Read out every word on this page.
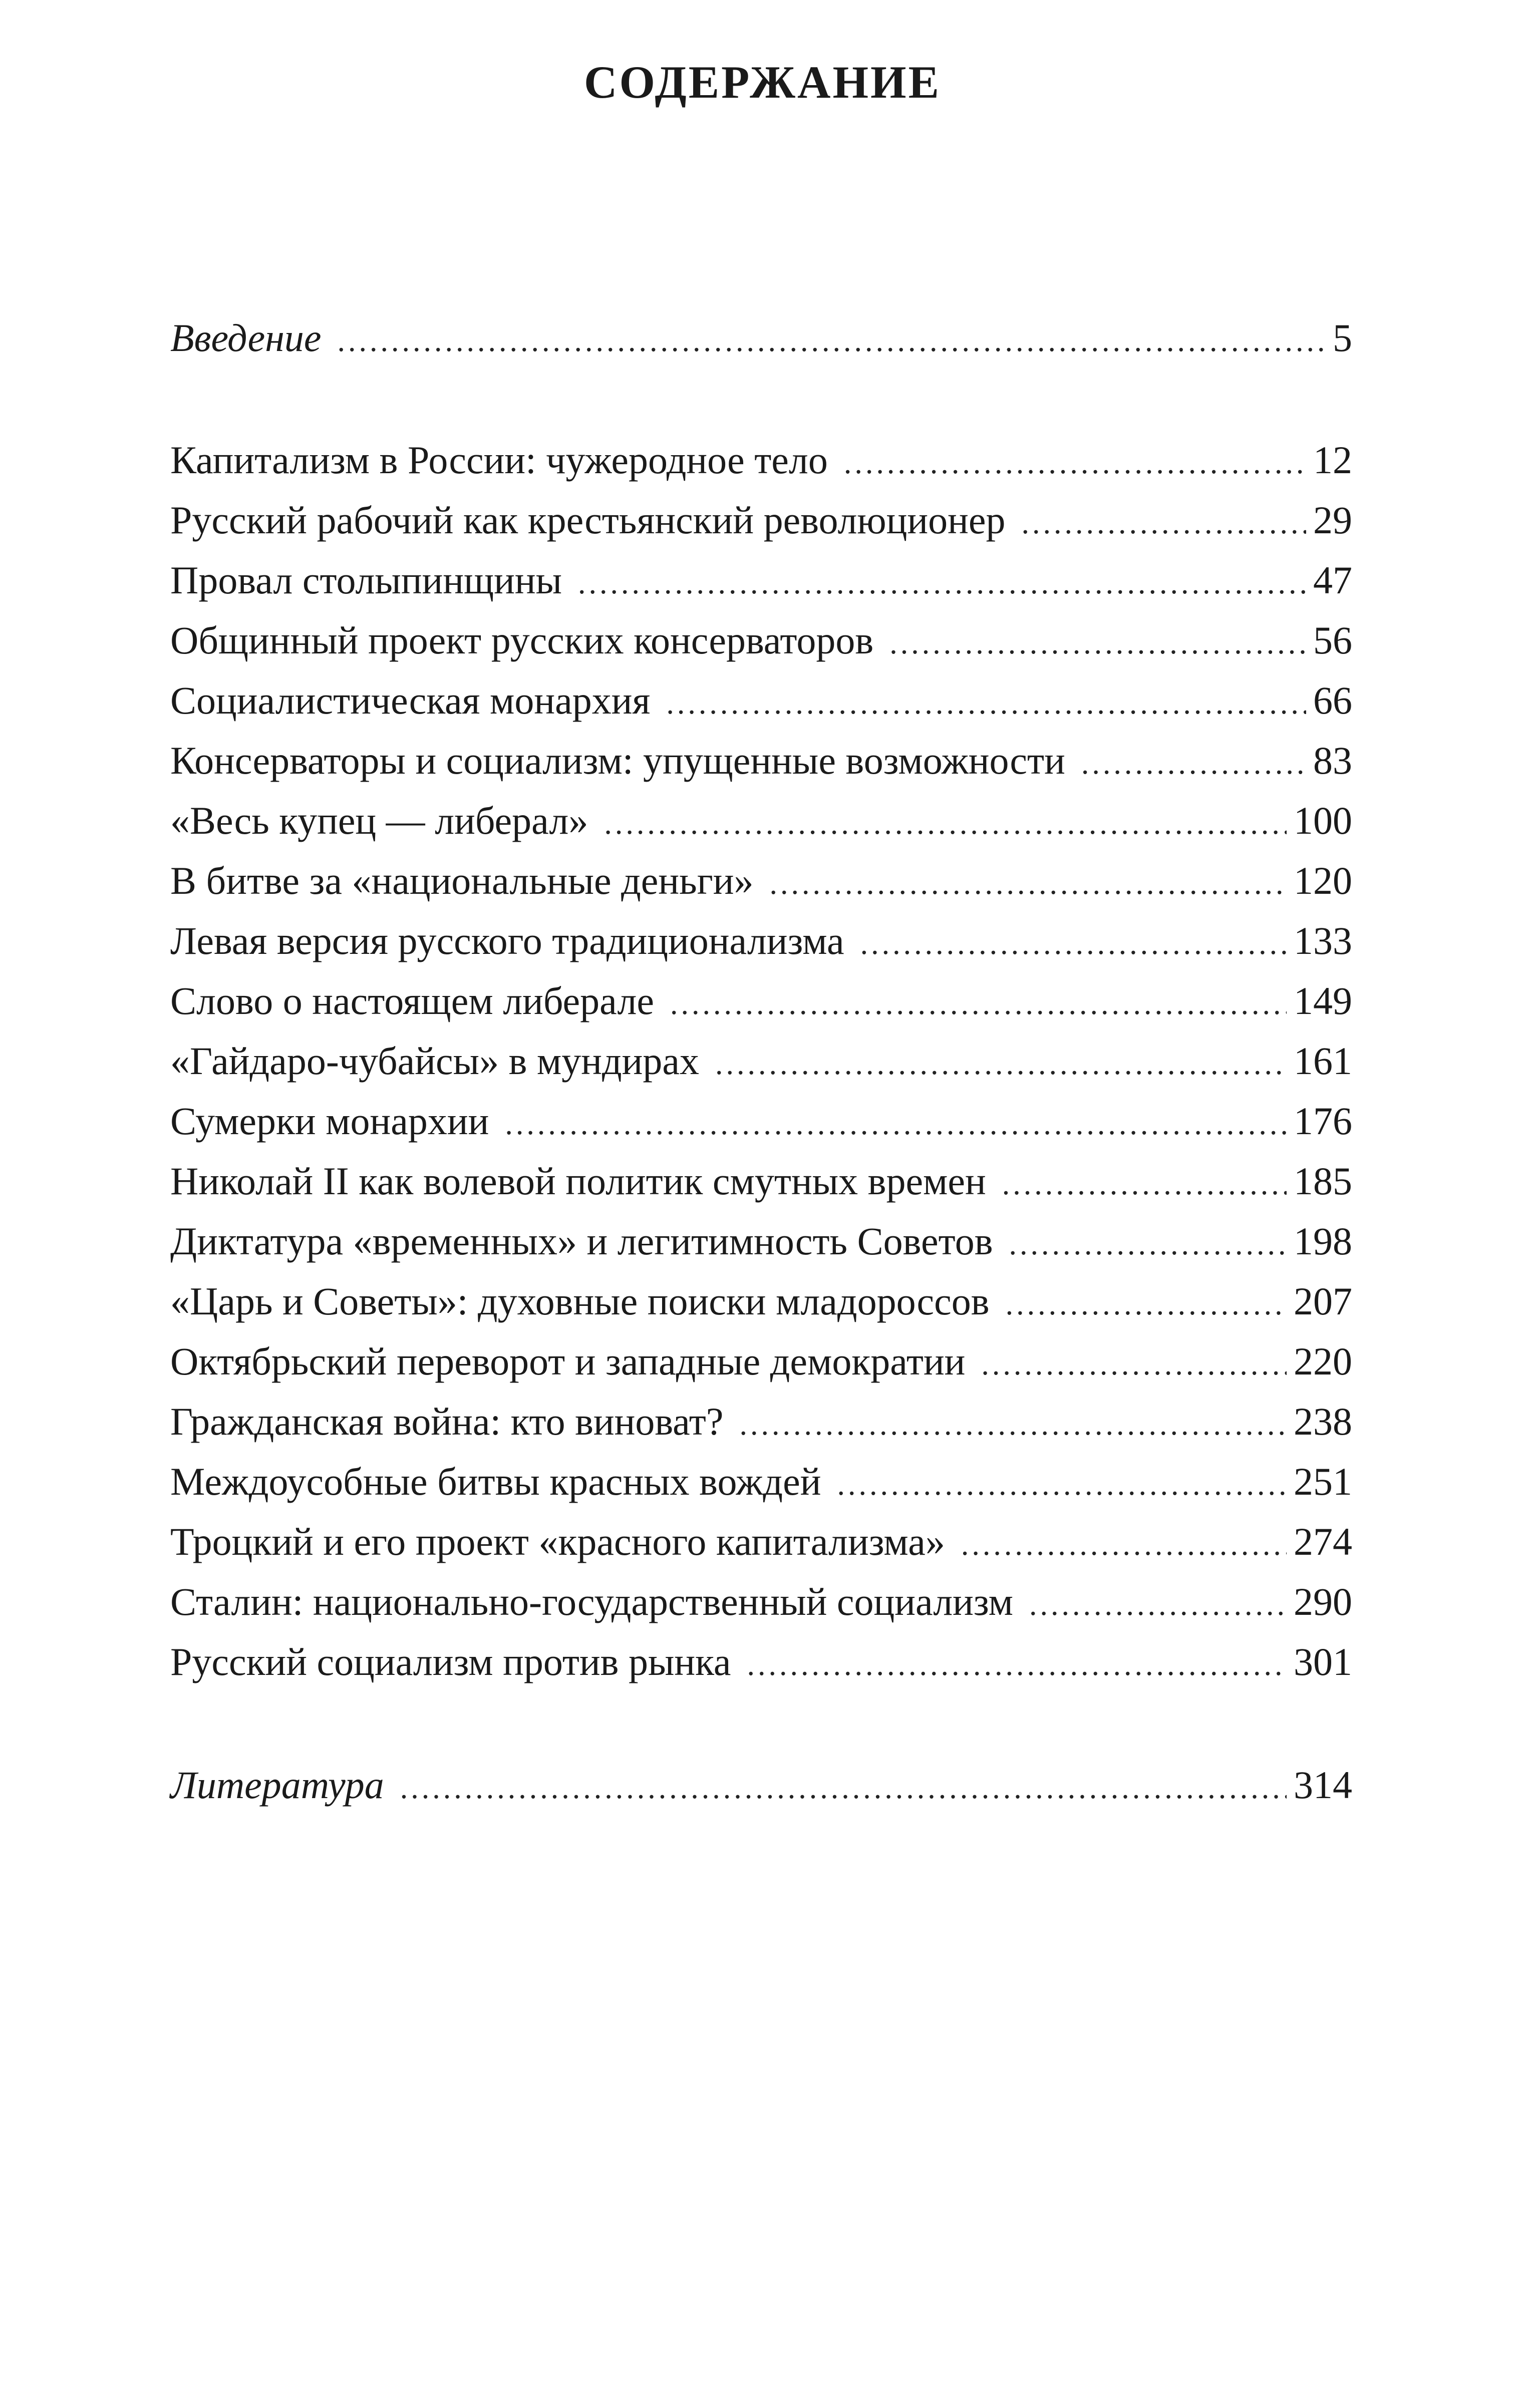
СОДЕРЖАНИЕ
Введение .....	5
Капитализм в России: чужеродное тело .....	12
Русский рабочий как крестьянский революционер .....	29
Провал столыпинщины .....	47
Общинный проект русских консерваторов .....	56
Социалистическая монархия .....	66
Консерваторы и социализм: упущенные возможности .....	83
«Весь купец — либерал» .....	100
В битве за «национальные деньги» .....	120
Левая версия русского традиционализма .....	133
Слово о настоящем либерале .....	149
«Гайдаро-чубайсы» в мундирах .....	161
Сумерки монархии .....	176
Николай II как волевой политик смутных времен .....	185
Диктатура «временных» и легитимность Советов .....	198
«Царь и Советы»: духовные поиски младороссов .....	207
Октябрьский переворот и западные демократии .....	220
Гражданская война: кто виноват? .....	238
Междоусобные битвы красных вождей .....	251
Троцкий и его проект «красного капитализма» .....	274
Сталин: национально-государственный социализм .....	290
Русский социализм против рынка .....	301
Литература .....	314
